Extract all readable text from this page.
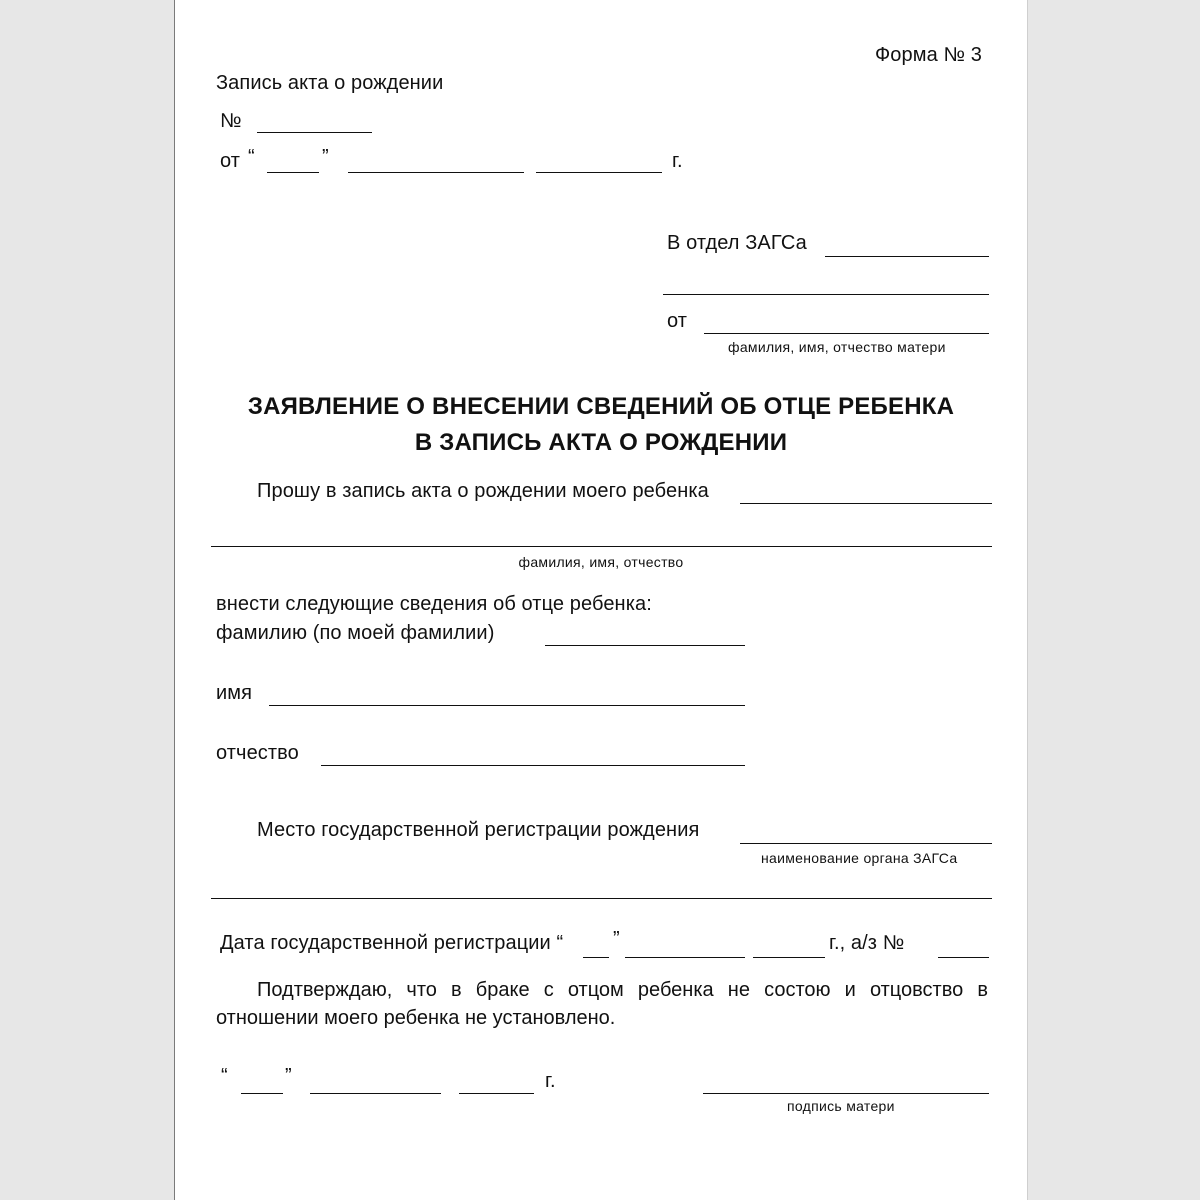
Форма № 3
Запись акта о рождении
№
от “	”	г.
В отдел ЗАГСа
от
фамилия, имя, отчество матери
ЗАЯВЛЕНИЕ О ВНЕСЕНИИ СВЕДЕНИЙ ОБ ОТЦЕ РЕБЕНКА
В ЗАПИСЬ АКТА О РОЖДЕНИИ
Прошу в запись акта о рождении моего ребенка
фамилия, имя, отчество
внести следующие сведения об отце ребенка:
фамилию (по моей фамилии)
имя
отчество
Место государственной регистрации рождения
наименование органа ЗАГСа
Дата государственной регистрации “ ”	г., а/з №
Подтверждаю, что в браке с отцом ребенка не состою и отцовство в отношении моего ребенка не установлено.
“	”	г.
подпись матери
